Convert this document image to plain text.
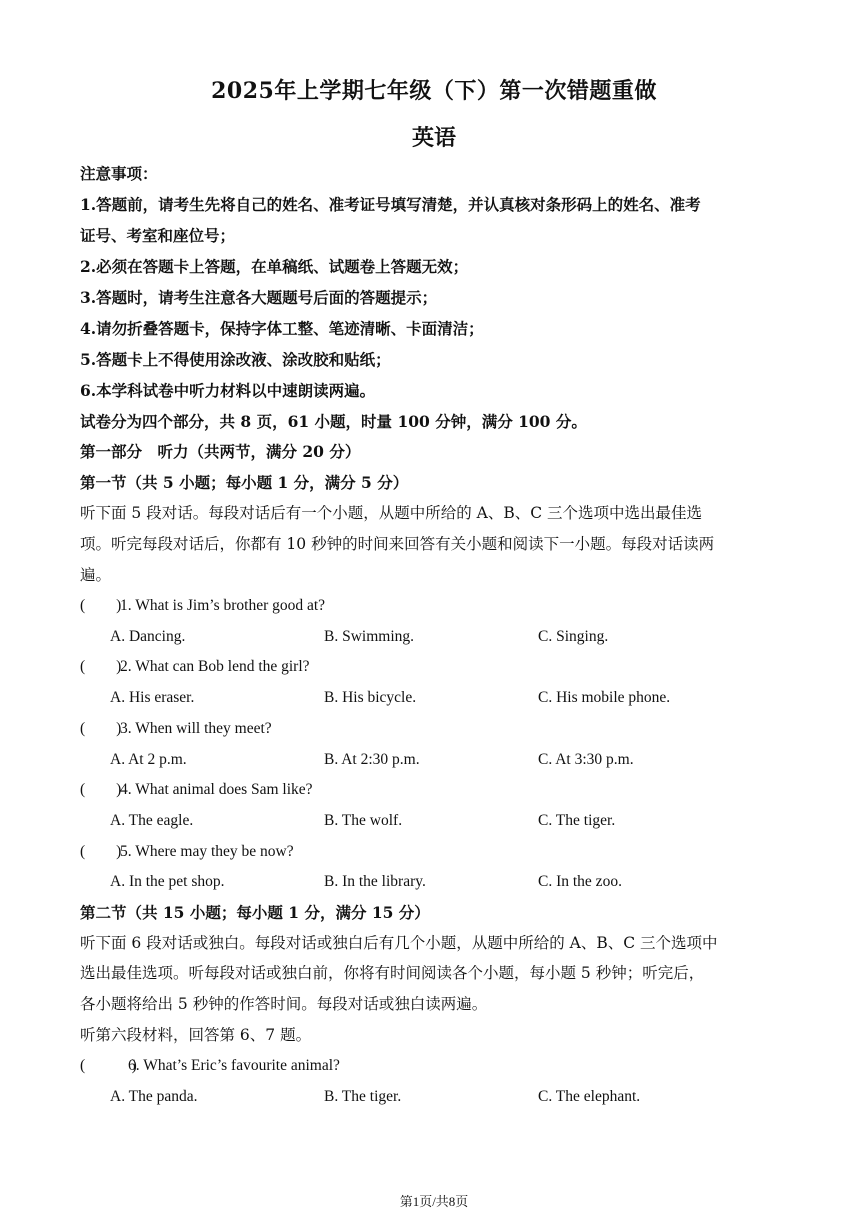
2025年上学期七年级（下）第一次错题重做
英语
注意事项：
1.答题前，请考生先将自己的姓名、准考证号填写清楚，并认真核对条形码上的姓名、准考
证号、考室和座位号；
2.必须在答题卡上答题，在单稿纸、试题卷上答题无效；
3.答题时，请考生注意各大题题号后面的答题提示；
4.请勿折叠答题卡，保持字体工整、笔迹清晰、卡面清洁；
5.答题卡上不得使用涂改液、涂改胶和贴纸；
6.本学科试卷中听力材料以中速朗读两遍。
试卷分为四个部分，共 8 页，61 小题，时量 100 分钟，满分 100 分。
第一部分　听力（共两节，满分 20 分）
第一节（共 5 小题；每小题 1 分，满分 5 分）
听下面 5 段对话。每段对话后有一个小题，从题中所给的 A、B、C 三个选项中选出最佳选
项。听完每段对话后，你都有 10 秒钟的时间来回答有关小题和阅读下一小题。每段对话读两
遍。
(　　)1. What is Jim’s brother good at?
A. Dancing.	B. Swimming.	C. Singing.
(　　)2. What can Bob lend the girl?
A. His eraser.	B. His bicycle.	C. His mobile phone.
(　　)3. When will they meet?
A. At 2 p.m.	B. At 2:30 p.m.	C. At 3:30 p.m.
(　　)4. What animal does Sam like?
A. The eagle.	B. The wolf.	C. The tiger.
(　　)5. Where may they be now?
A. In the pet shop.	B. In the library.	C. In the zoo.
第二节（共 15 小题；每小题 1 分，满分 15 分）
听下面 6 段对话或独白。每段对话或独白后有几个小题，从题中所给的 A、B、C 三个选项中
选出最佳选项。听每段对话或独白前，你将有时间阅读各个小题，每小题 5 秒钟；听完后，
各小题将给出 5 秒钟的作答时间。每段对话或独白读两遍。
听第六段材料，回答第 6、7 题。
(　　　)6. What’s Eric’s favourite animal?
A. The panda.	B. The tiger.	C. The elephant.
第1页/共8页
